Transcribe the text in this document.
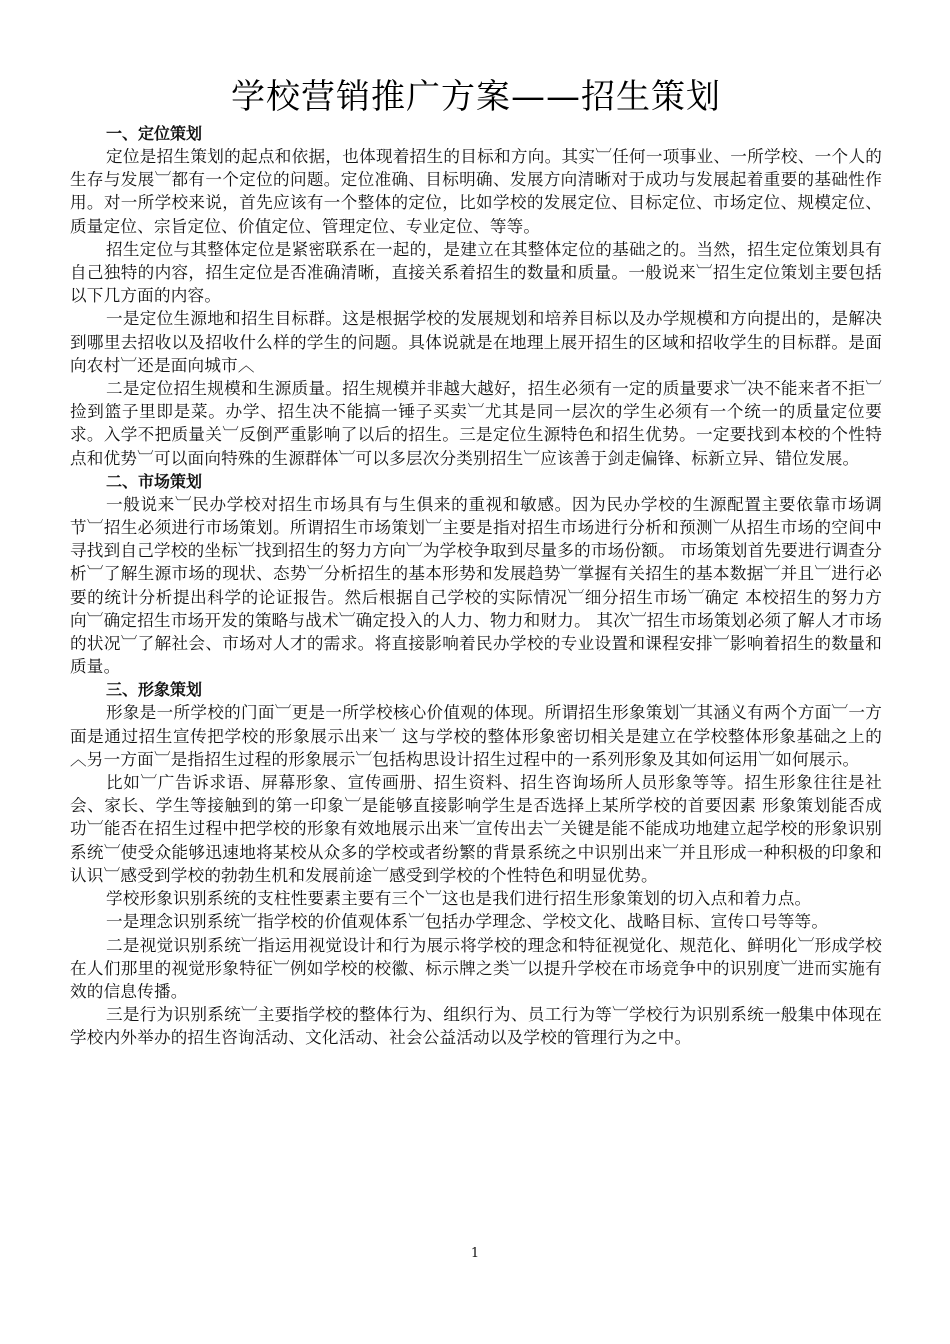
学校营销推广方案——招生策划
一、定位策划

定位是招生策划的起点和依据，也体现着招生的目标和方向。其实︺任何一项事业、一所学校、一个人的生存与发展︺都有一个定位的问题。定位准确、目标明确、发展方向清晰对于成功与发展起着重要的基础性作用。对一所学校来说，首先应该有一个整体的定位，比如学校的发展定位、目标定位、市场定位、规模定位、质量定位、宗旨定位、价值定位、管理定位、专业定位、等等。

招生定位与其整体定位是紧密联系在一起的，是建立在其整体定位的基础之的。当然，招生定位策划具有自己独特的内容，招生定位是否准确清晰，直接关系着招生的数量和质量。一般说来︺招生定位策划主要包括以下几方面的内容。

一是定位生源地和招生目标群。这是根据学校的发展规划和培养目标以及办学规模和方向提出的，是解决到哪里去招收以及招收什么样的学生的问题。具体说就是在地理上展开招生的区域和招收学生的目标群。是面向农村︺还是面向城市︿

二是定位招生规模和生源质量。招生规模并非越大越好，招生必须有一定的质量要求︺决不能来者不拒︺捡到篮子里即是菜。办学、招生决不能搞一锤子买卖︺尤其是同一层次的学生必须有一个统一的质量定位要求。入学不把质量关︺反倒严重影响了以后的招生。三是定位生源特色和招生优势。一定要找到本校的个性特点和优势︺可以面向特殊的生源群体︺可以多层次分类别招生︺应该善于剑走偏锋、标新立异、错位发展。

二、市场策划

一般说来︺民办学校对招生市场具有与生俱来的重视和敏感。因为民办学校的生源配置主要依靠市场调节︺招生必须进行市场策划。所谓招生市场策划︺主要是指对招生市场进行分析和预测︺从招生市场的空间中寻找到自己学校的坐标︺找到招生的努力方向︺为学校争取到尽量多的市场份额。 市场策划首先要进行调查分析︺了解生源市场的现状、态势︺分析招生的基本形势和发展趋势︺掌握有关招生的基本数据︺并且︺进行必要的统计分析提出科学的论证报告。然后根据自己学校的实际情况︺细分招生市场︺确定 本校招生的努力方向︺确定招生市场开发的策略与战术︺确定投入的人力、物力和财力。 其次︺招生市场策划必须了解人才市场的状况︺了解社会、市场对人才的需求。将直接影响着民办学校的专业设置和课程安排︺影响着招生的数量和质量。

三、形象策划

形象是一所学校的门面︺更是一所学校核心价值观的体现。所谓招生形象策划︺其涵义有两个方面︺一方面是通过招生宣传把学校的形象展示出来︺ 这与学校的整体形象密切相关是建立在学校整体形象基础之上的︿另一方面︺是指招生过程的形象展示︺包括构思设计招生过程中的一系列形象及其如何运用︺如何展示。

比如︺广告诉求语、屏幕形象、宣传画册、招生资料、招生咨询场所人员形象等等。招生形象往往是社会、家长、学生等接触到的第一印象︺是能够直接影响学生是否选择上某所学校的首要因素 形象策划能否成功︺能否在招生过程中把学校的形象有效地展示出来︺宣传出去︺关键是能不能成功地建立起学校的形象识别系统︺使受众能够迅速地将某校从众多的学校或者纷繁的背景系统之中识别出来︺并且形成一种积极的印象和认识︺感受到学校的勃勃生机和发展前途︺感受到学校的个性特色和明显优势。

学校形象识别系统的支柱性要素主要有三个︺这也是我们进行招生形象策划的切入点和着力点。

一是理念识别系统︺指学校的价值观体系︺包括办学理念、学校文化、战略目标、宣传口号等等。

二是视觉识别系统︺指运用视觉设计和行为展示将学校的理念和特征视觉化、规范化、鲜明化︺形成学校在人们那里的视觉形象特征︺例如学校的校徽、标示牌之类︺以提升学校在市场竞争中的识别度︺进而实施有效的信息传播。

三是行为识别系统︺主要指学校的整体行为、组织行为、员工行为等︺学校行为识别系统一般集中体现在学校内外举办的招生咨询活动、文化活动、社会公益活动以及学校的管理行为之中。

1
